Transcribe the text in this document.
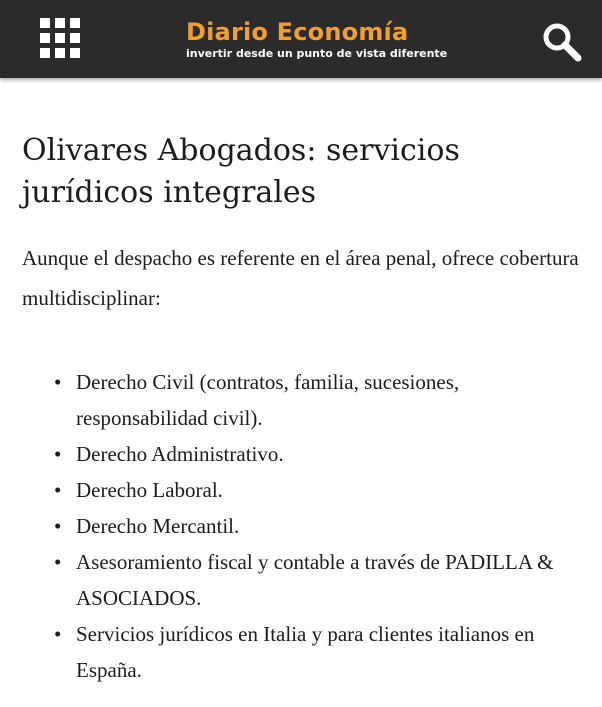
Diario Economía
invertir desde un punto de vista diferente
Olivares Abogados: servicios jurídicos integrales

Aunque el despacho es referente en el área penal, ofrece cobertura multidisciplinar:

• Derecho Civil (contratos, familia, sucesiones, responsabilidad civil).
• Derecho Administrativo.
• Derecho Laboral.
• Derecho Mercantil.
• Asesoramiento fiscal y contable a través de PADILLA & ASOCIADOS.
• Servicios jurídicos en Italia y para clientes italianos en España.
